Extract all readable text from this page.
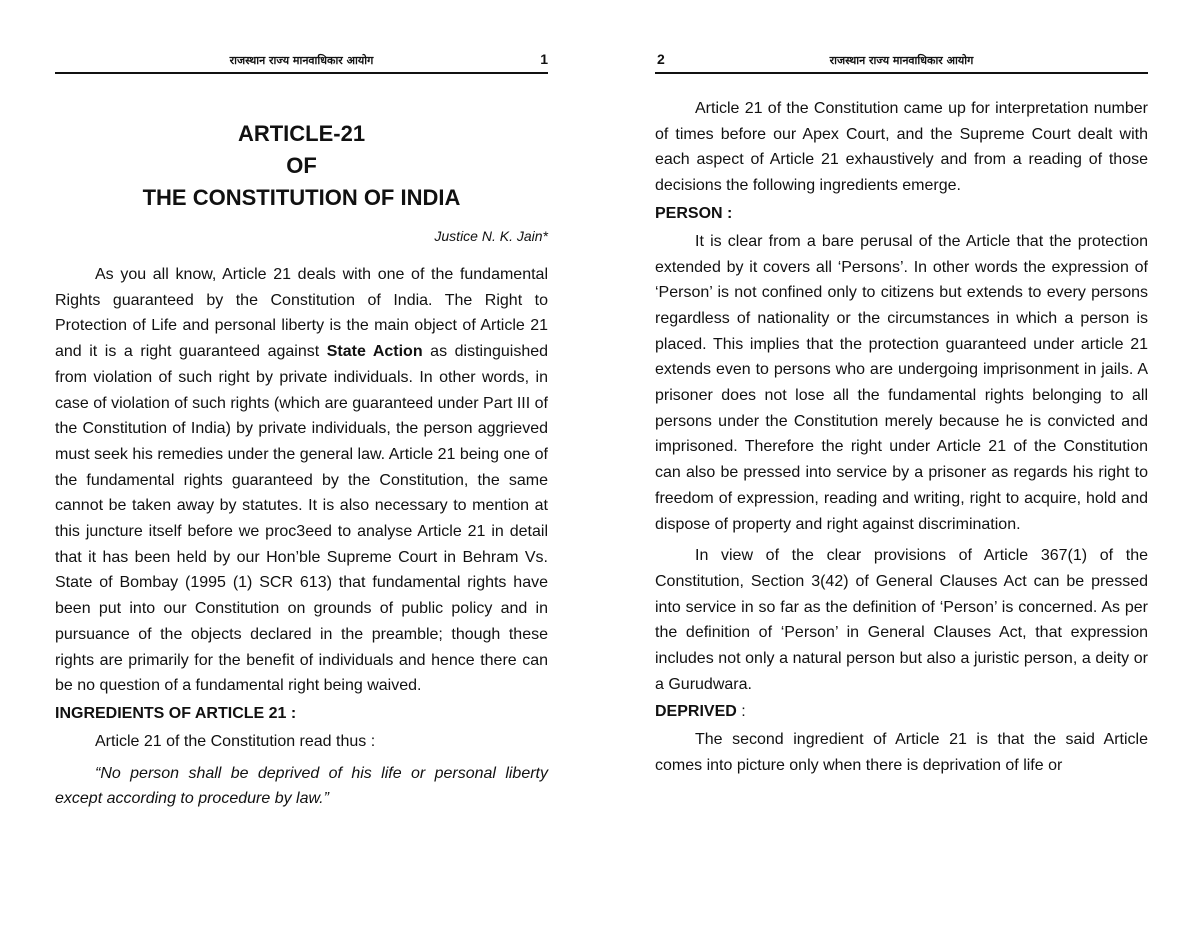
राजस्थान राज्य मानवाधिकार आयोग	1
ARTICLE-21
OF
THE CONSTITUTION OF INDIA
Justice N. K. Jain*

As you all know, Article 21 deals with one of the fundamental Rights guaranteed by the Constitution of India. The Right to Protection of Life and personal liberty is the main object of Article 21 and it is a right guaranteed against State Action as distinguished from violation of such right by private individuals. In other words, in case of violation of such rights (which are guaranteed under Part III of the Constitution of India) by private individuals, the person aggrieved must seek his remedies under the general law. Article 21 being one of the fundamental rights guaranteed by the Constitution, the same cannot be taken away by statutes. It is also necessary to mention at this juncture itself before we proc3eed to analyse Article 21 in detail that it has been held by our Hon’ble Supreme Court in Behram Vs. State of Bombay (1995 (1) SCR 613) that fundamental rights have been put into our Constitution on grounds of public policy and in pursuance of the objects declared in the preamble; though these rights are primarily for the benefit of individuals and hence there can be no question of a fundamental right being waived.

INGREDIENTS OF ARTICLE 21 :

Article 21 of the Constitution read thus :

“No person shall be deprived of his life or personal liberty except according to procedure by law.”

2	राजस्थान राज्य मानवाधिकार आयोग

Article 21 of the Constitution came up for interpretation number of times before our Apex Court, and the Supreme Court dealt with each aspect of Article 21 exhaustively and from a reading of those decisions the following ingredients emerge.

PERSON :

It is clear from a bare perusal of the Article that the protection extended by it covers all ‘Persons’. In other words the expression of ‘Person’ is not confined only to citizens but extends to every persons regardless of nationality or the circumstances in which a person is placed. This implies that the protection guaranteed under article 21 extends even to persons who are undergoing imprisonment in jails. A prisoner does not lose all the fundamental rights belonging to all persons under the Constitution merely because he is convicted and imprisoned. Therefore the right under Article 21 of the Constitution can also be pressed into service by a prisoner as regards his right to freedom of expression, reading and writing, right to acquire, hold and dispose of property and right against discrimination.

In view of the clear provisions of Article 367(1) of the Constitution, Section 3(42) of General Clauses Act can be pressed into service in so far as the definition of ‘Person’ is concerned. As per the definition of ‘Person’ in General Clauses Act, that expression includes not only a natural person but also a juristic person, a deity or a Gurudwara.

DEPRIVED :

The second ingredient of Article 21 is that the said Article comes into picture only when there is deprivation of life or
